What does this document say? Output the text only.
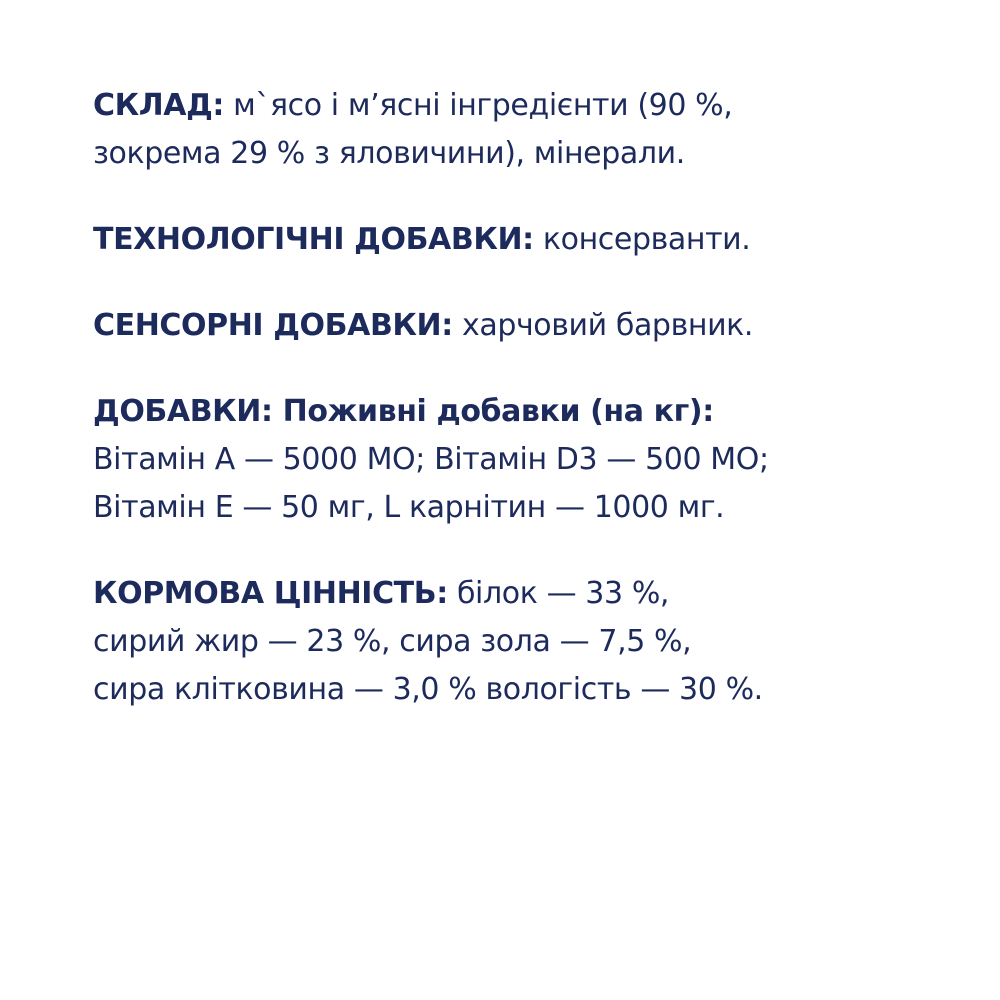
СКЛАД: м`ясо і м’ясні інгредієнти (90 %,
зокрема 29 % з яловичини), мінерали.
ТЕХНОЛОГІЧНІ ДОБАВКИ: консерванти.
СЕНСОРНІ ДОБАВКИ: харчовий барвник.
ДОБАВКИ: Поживні добавки (на кг):
Вітамін А — 5000 МО; Вітамін D3 — 500 МО;
Вітамін Е — 50 мг, L карнітин — 1000 мг.
КОРМОВА ЦІННІСТЬ: білок — 33 %,
сирий жир — 23 %, сира зола — 7,5 %,
сира клітковина — 3,0 % вологість — 30 %.
